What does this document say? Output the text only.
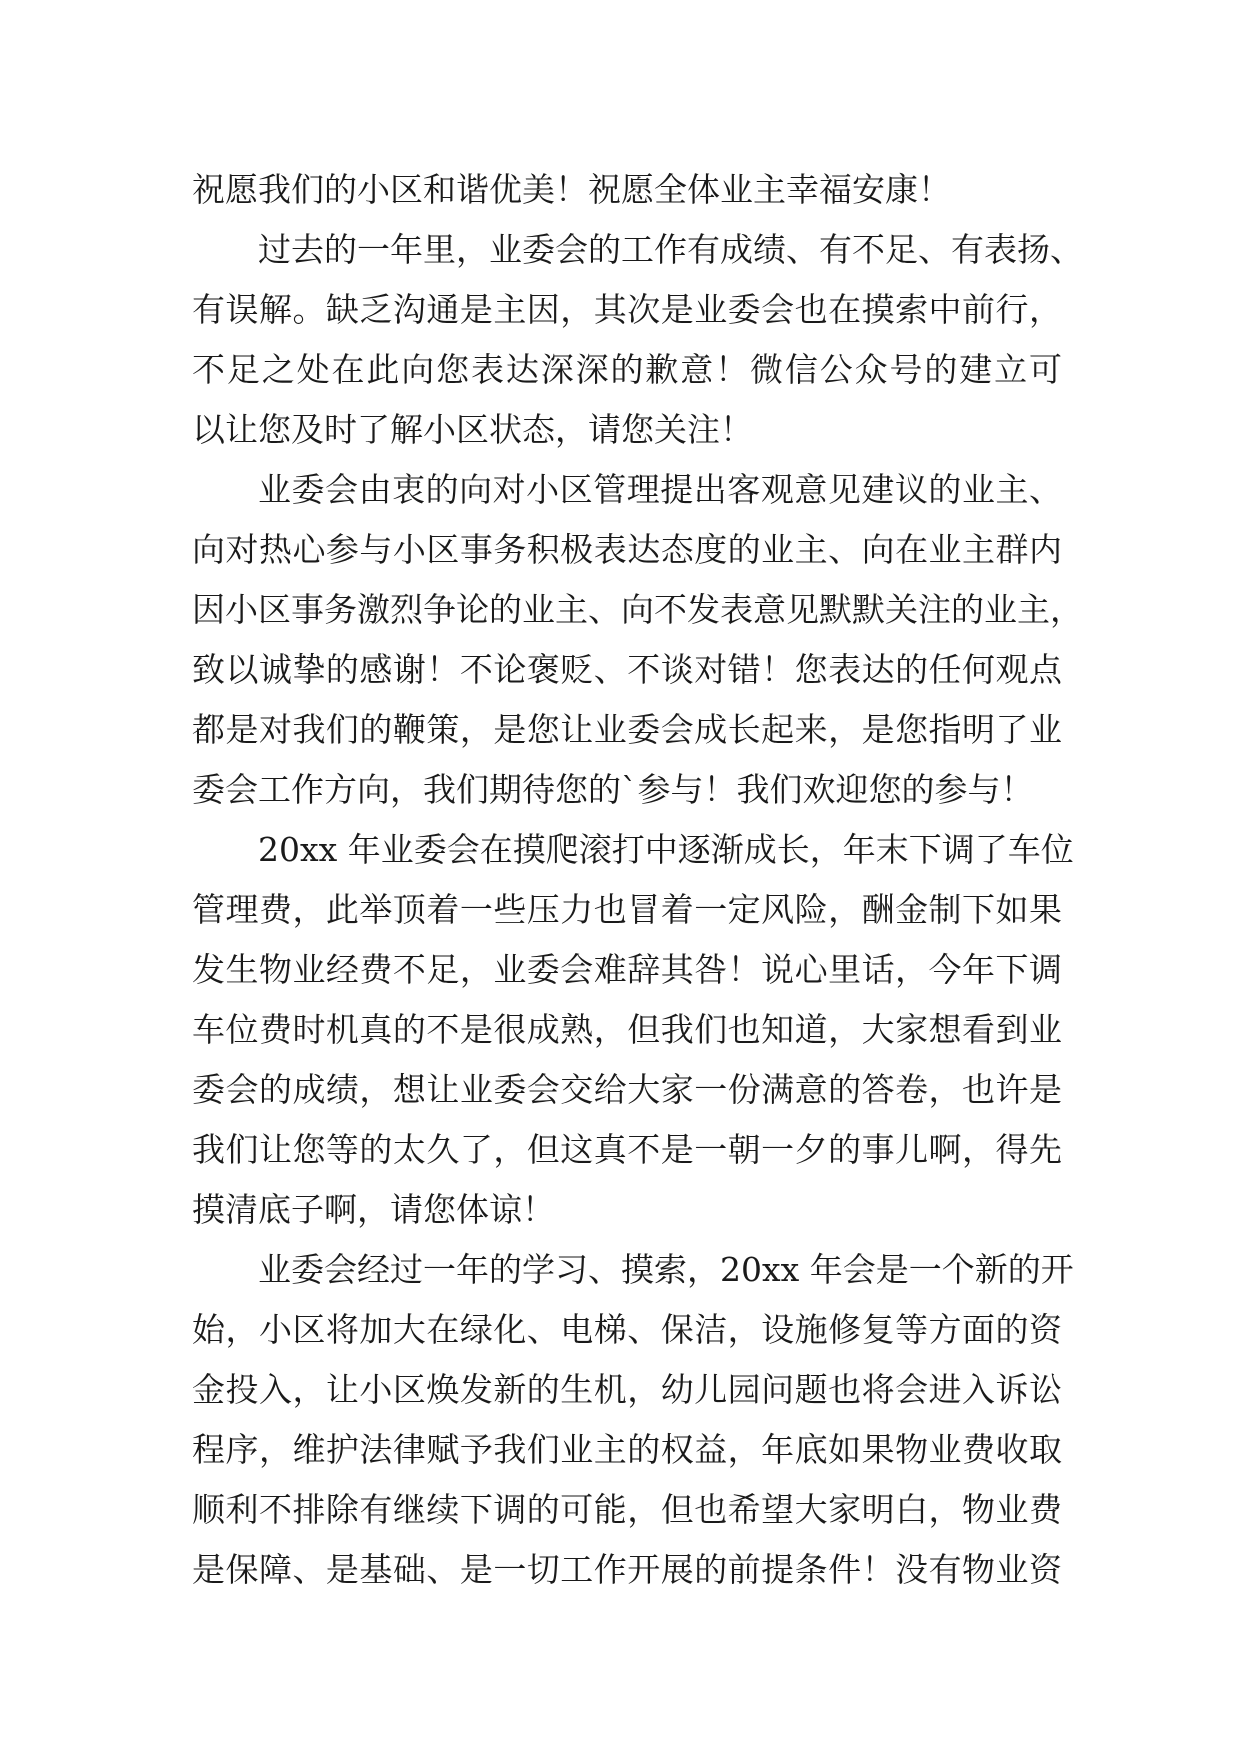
祝愿我们的小区和谐优美！祝愿全体业主幸福安康！
过去的一年里，业委会的工作有成绩、有不足、有表扬、
有误解。缺乏沟通是主因，其次是业委会也在摸索中前行，
不足之处在此向您表达深深的歉意！微信公众号的建立可
以让您及时了解小区状态，请您关注！
业委会由衷的向对小区管理提出客观意见建议的业主、
向对热心参与小区事务积极表达态度的业主、向在业主群内
因小区事务激烈争论的业主、向不发表意见默默关注的业主，
致以诚挚的感谢！不论褒贬、不谈对错！您表达的任何观点
都是对我们的鞭策，是您让业委会成长起来，是您指明了业
委会工作方向，我们期待您的`参与！我们欢迎您的参与！
20xx 年业委会在摸爬滚打中逐渐成长，年末下调了车位
管理费，此举顶着一些压力也冒着一定风险，酬金制下如果
发生物业经费不足，业委会难辞其咎！说心里话，今年下调
车位费时机真的不是很成熟，但我们也知道，大家想看到业
委会的成绩，想让业委会交给大家一份满意的答卷，也许是
我们让您等的太久了，但这真不是一朝一夕的事儿啊，得先
摸清底子啊，请您体谅！
业委会经过一年的学习、摸索，20xx 年会是一个新的开
始，小区将加大在绿化、电梯、保洁，设施修复等方面的资
金投入，让小区焕发新的生机，幼儿园问题也将会进入诉讼
程序，维护法律赋予我们业主的权益，年底如果物业费收取
顺利不排除有继续下调的可能，但也希望大家明白，物业费
是保障、是基础、是一切工作开展的前提条件！没有物业资
